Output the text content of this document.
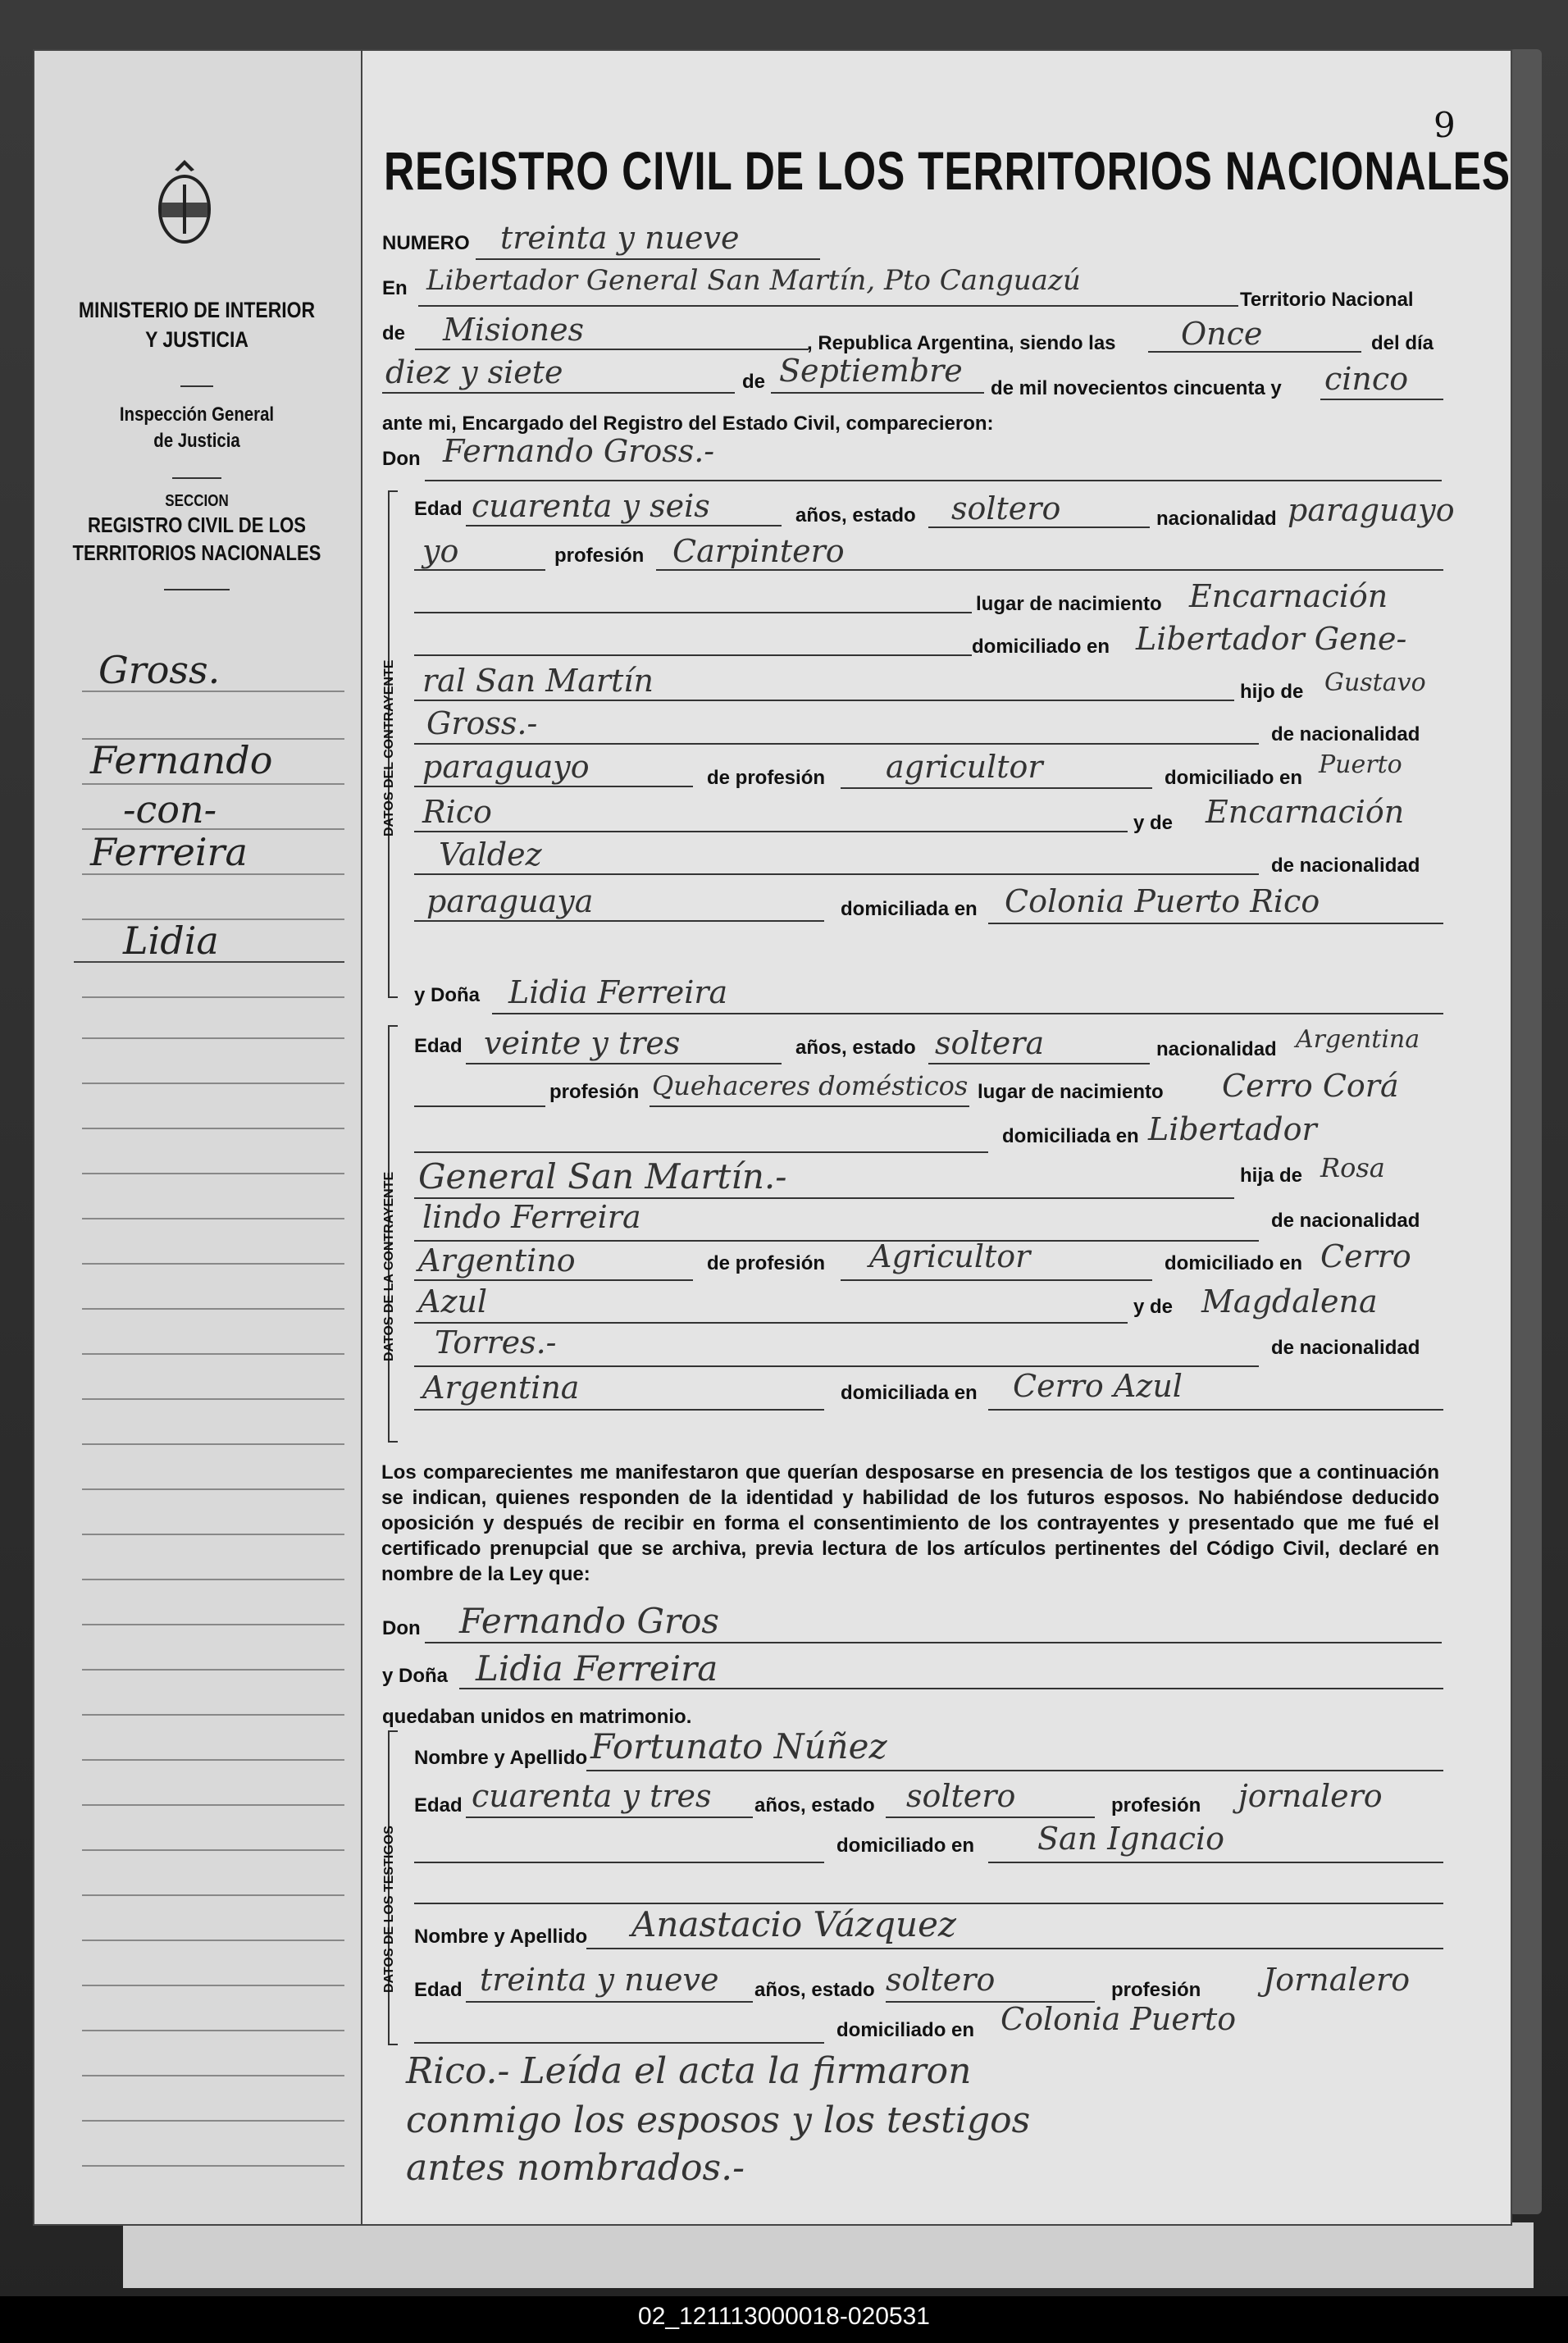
MINISTERIO DE INTERIOR
Y JUSTICIA
Inspección General
de Justicia
SECCION
REGISTRO CIVIL DE LOS
TERRITORIOS NACIONALES
Gross.
Fernando
-con-
Ferreira
Lidia
9
REGISTRO CIVIL DE LOS TERRITORIOS NACIONALES
NUMERO treinta y nueve
En Libertador General San Martín, Pto Canguazú
Territorio Nacional
de Misiones	, Republica Argentina, siendo las Once	del día
diez y siete	de Septiembre de mil novecientos cincuenta y cinco
ante mi, Encargado del Registro del Estado Civil, comparecieron:
Don Fernando Gross.-
DATOS DEL CONTRAYENTE
Edad cuarenta y seis	años, estado soltero	nacionalidad paraguayo
yo	profesión Carpintero
lugar de nacimiento Encarnación
domiciliado en Libertador Gene-
ral San Martín	hijo de Gustavo
Gross.-	de nacionalidad
paraguayo	de profesión agricultor	domiciliado en Puerto
Rico	y de Encarnación
Valdez	de nacionalidad
paraguaya	domiciliada en Colonia Puerto Rico
y Doña Lidia Ferreira
DATOS DE LA CONTRAYENTE
Edad veinte y tres	años, estado soltera	nacionalidad Argentina
profesión Quehaceres domésticos lugar de nacimiento Cerro Corá
domiciliada en Libertador
General San Martín.-	hija de Rosa
lindo Ferreira	de nacionalidad
Argentino	de profesión Agricultor	domiciliado en Cerro
Azul	y de Magdalena
Torres.-	de nacionalidad
Argentina	domiciliada en Cerro Azul
Los comparecientes me manifestaron que querían desposarse en presencia de los testigos que a continuación se indican, quienes responden de la identidad y habilidad de los futuros esposos. No habiéndose deducido oposición y después de recibir en forma el consentimiento de los contrayentes y presentado que me fué el certificado prenupcial que se archiva, previa lectura de los artículos pertinentes del Código Civil, declaré en nombre de la Ley que:
Don Fernando Gros
y Doña Lidia Ferreira
quedaban unidos en matrimonio.
DATOS DE LOS TESTIGOS
Nombre y Apellido Fortunato Núñez
Edad cuarenta y tres años, estado soltero	profesión jornalero
domiciliado en San Ignacio
Nombre y Apellido Anastacio Vázquez
Edad treinta y nueve años, estado soltero	profesión Jornalero
domiciliado en Colonia Puerto
Rico.- Leída el acta la firmaron
conmigo los esposos y los testigos
antes nombrados.-
02_121113000018-020531
